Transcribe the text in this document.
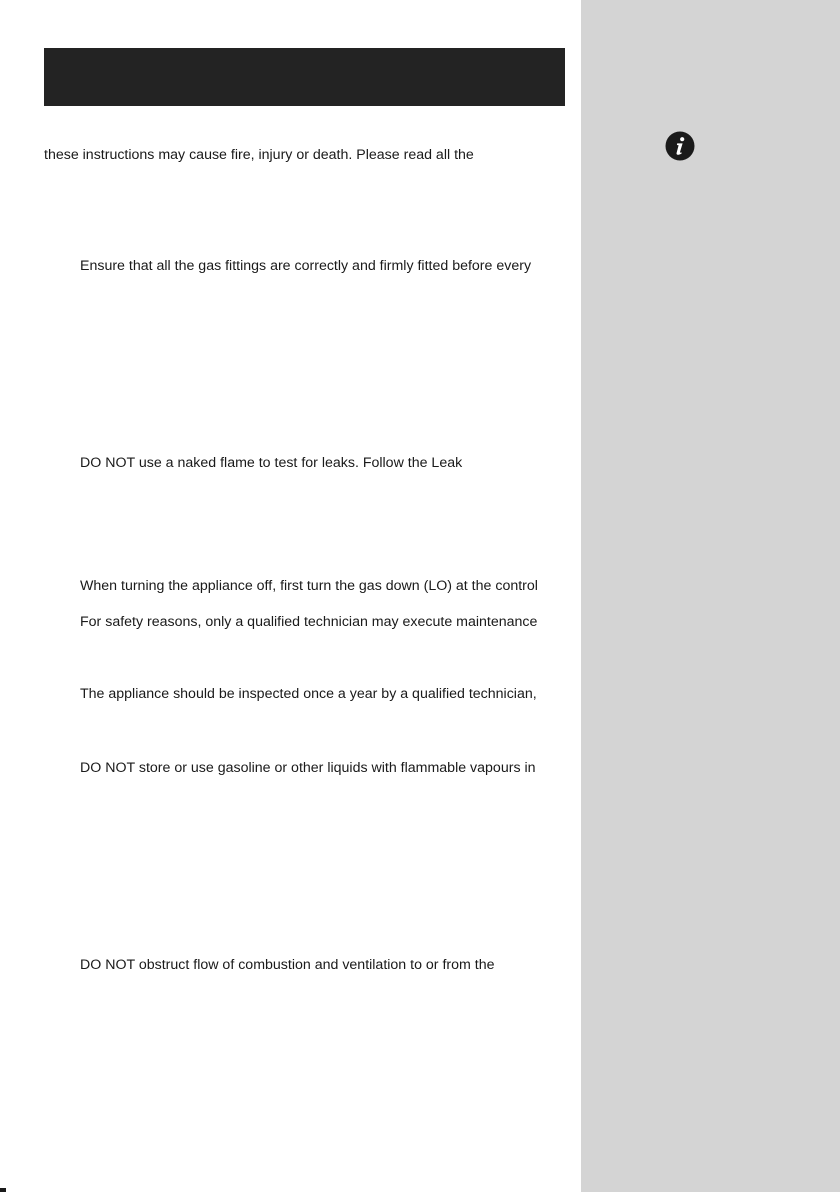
these instructions may cause fire, injury or death. Please read all the

Ensure that all the gas fittings are correctly and firmly fitted before every

DO NOT use a naked flame to test for leaks. Follow the Leak

When turning the appliance off, first turn the gas down (LO) at the control

For safety reasons, only a qualified technician may execute maintenance

The appliance should be inspected once a year by a qualified technician,

DO NOT store or use gasoline or other liquids with flammable vapours in

DO NOT obstruct flow of combustion and ventilation to or from the
